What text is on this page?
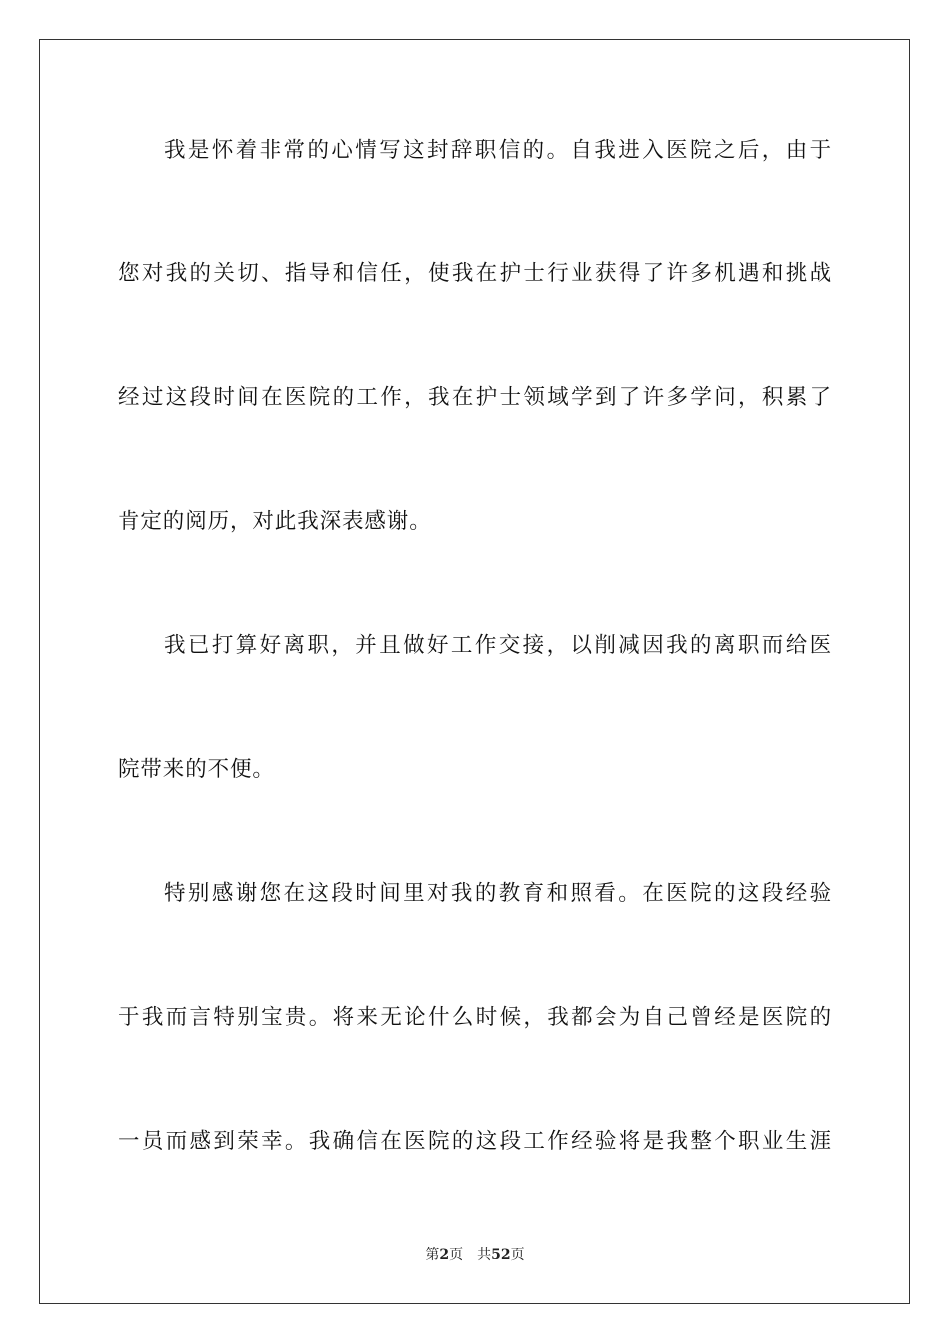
我是怀着非常的心情写这封辞职信的。自我进入医院之后，由于
您对我的关切、指导和信任，使我在护士行业获得了许多机遇和挑战
经过这段时间在医院的工作，我在护士领域学到了许多学问，积累了
肯定的阅历，对此我深表感谢。
我已打算好离职，并且做好工作交接，以削减因我的离职而给医
院带来的不便。
特别感谢您在这段时间里对我的教育和照看。在医院的这段经验
于我而言特别宝贵。将来无论什么时候，我都会为自己曾经是医院的
一员而感到荣幸。我确信在医院的这段工作经验将是我整个职业生涯
第2页 共52页
